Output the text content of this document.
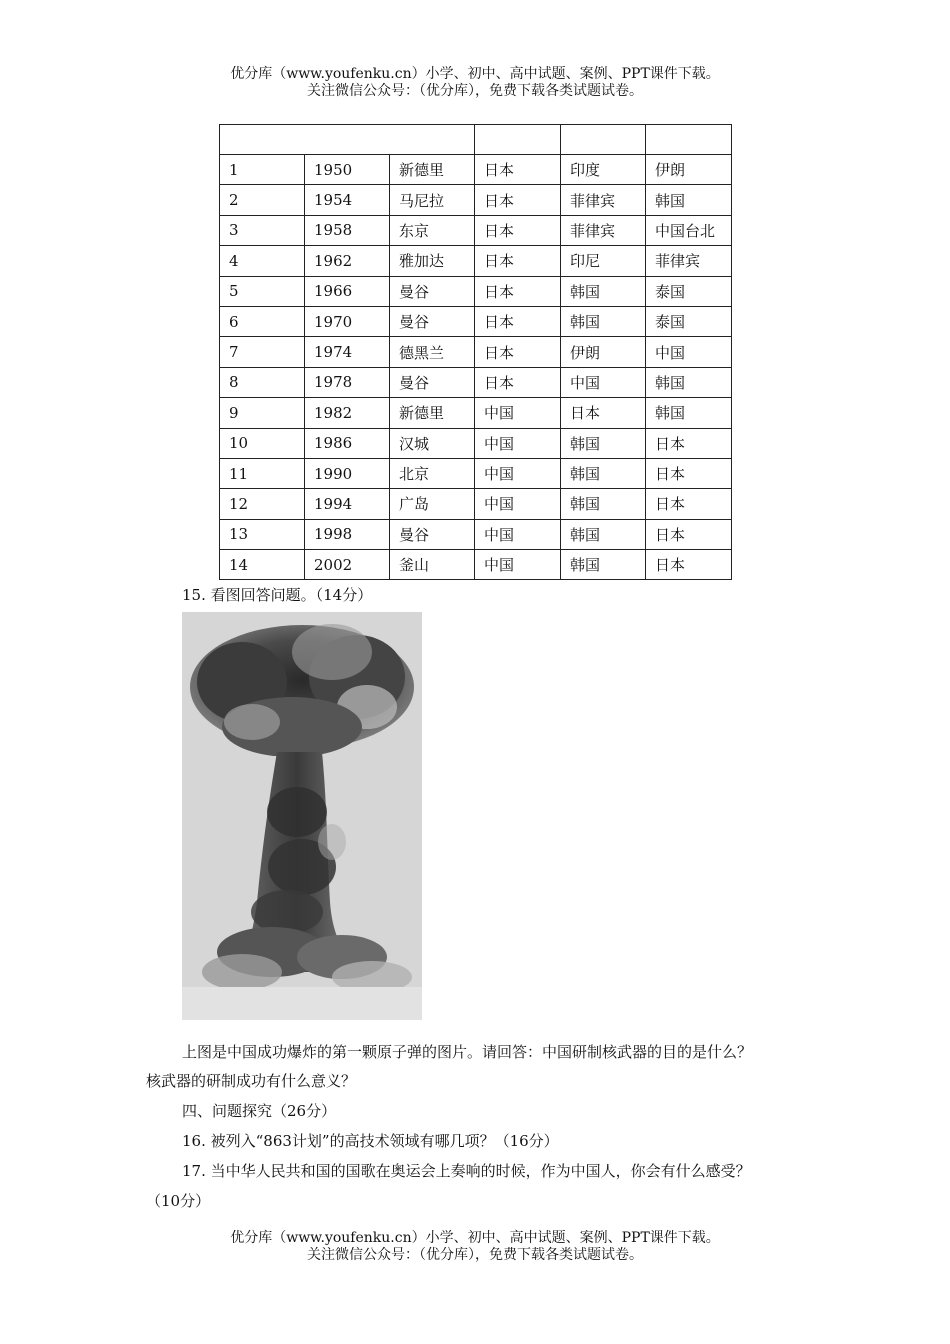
优分库（www.youfenku.cn）小学、初中、高中试题、案例、PPT课件下载。
关注微信公众号：（优分库），免费下载各类试题试卷。

1	1950	新德里	日本	印度	伊朗
2	1954	马尼拉	日本	菲律宾	韩国
3	1958	东京	日本	菲律宾	中国台北
4	1962	雅加达	日本	印尼	菲律宾
5	1966	曼谷	日本	韩国	泰国
6	1970	曼谷	日本	韩国	泰国
7	1974	德黑兰	日本	伊朗	中国
8	1978	曼谷	日本	中国	韩国
9	1982	新德里	中国	日本	韩国
10	1986	汉城	中国	韩国	日本
11	1990	北京	中国	韩国	日本
12	1994	广岛	中国	韩国	日本
13	1998	曼谷	中国	韩国	日本
14	2002	釜山	中国	韩国	日本
15. 看图回答问题。（14分）
上图是中国成功爆炸的第一颗原子弹的图片。请回答：中国研制核武器的目的是什么？
核武器的研制成功有什么意义？
四、问题探究（26分）
16. 被列入“863计划”的高技术领域有哪几项？（16分）
17. 当中华人民共和国的国歌在奥运会上奏响的时候，作为中国人，你会有什么感受？
（10分）
优分库（www.youfenku.cn）小学、初中、高中试题、案例、PPT课件下载。
关注微信公众号：（优分库），免费下载各类试题试卷。
